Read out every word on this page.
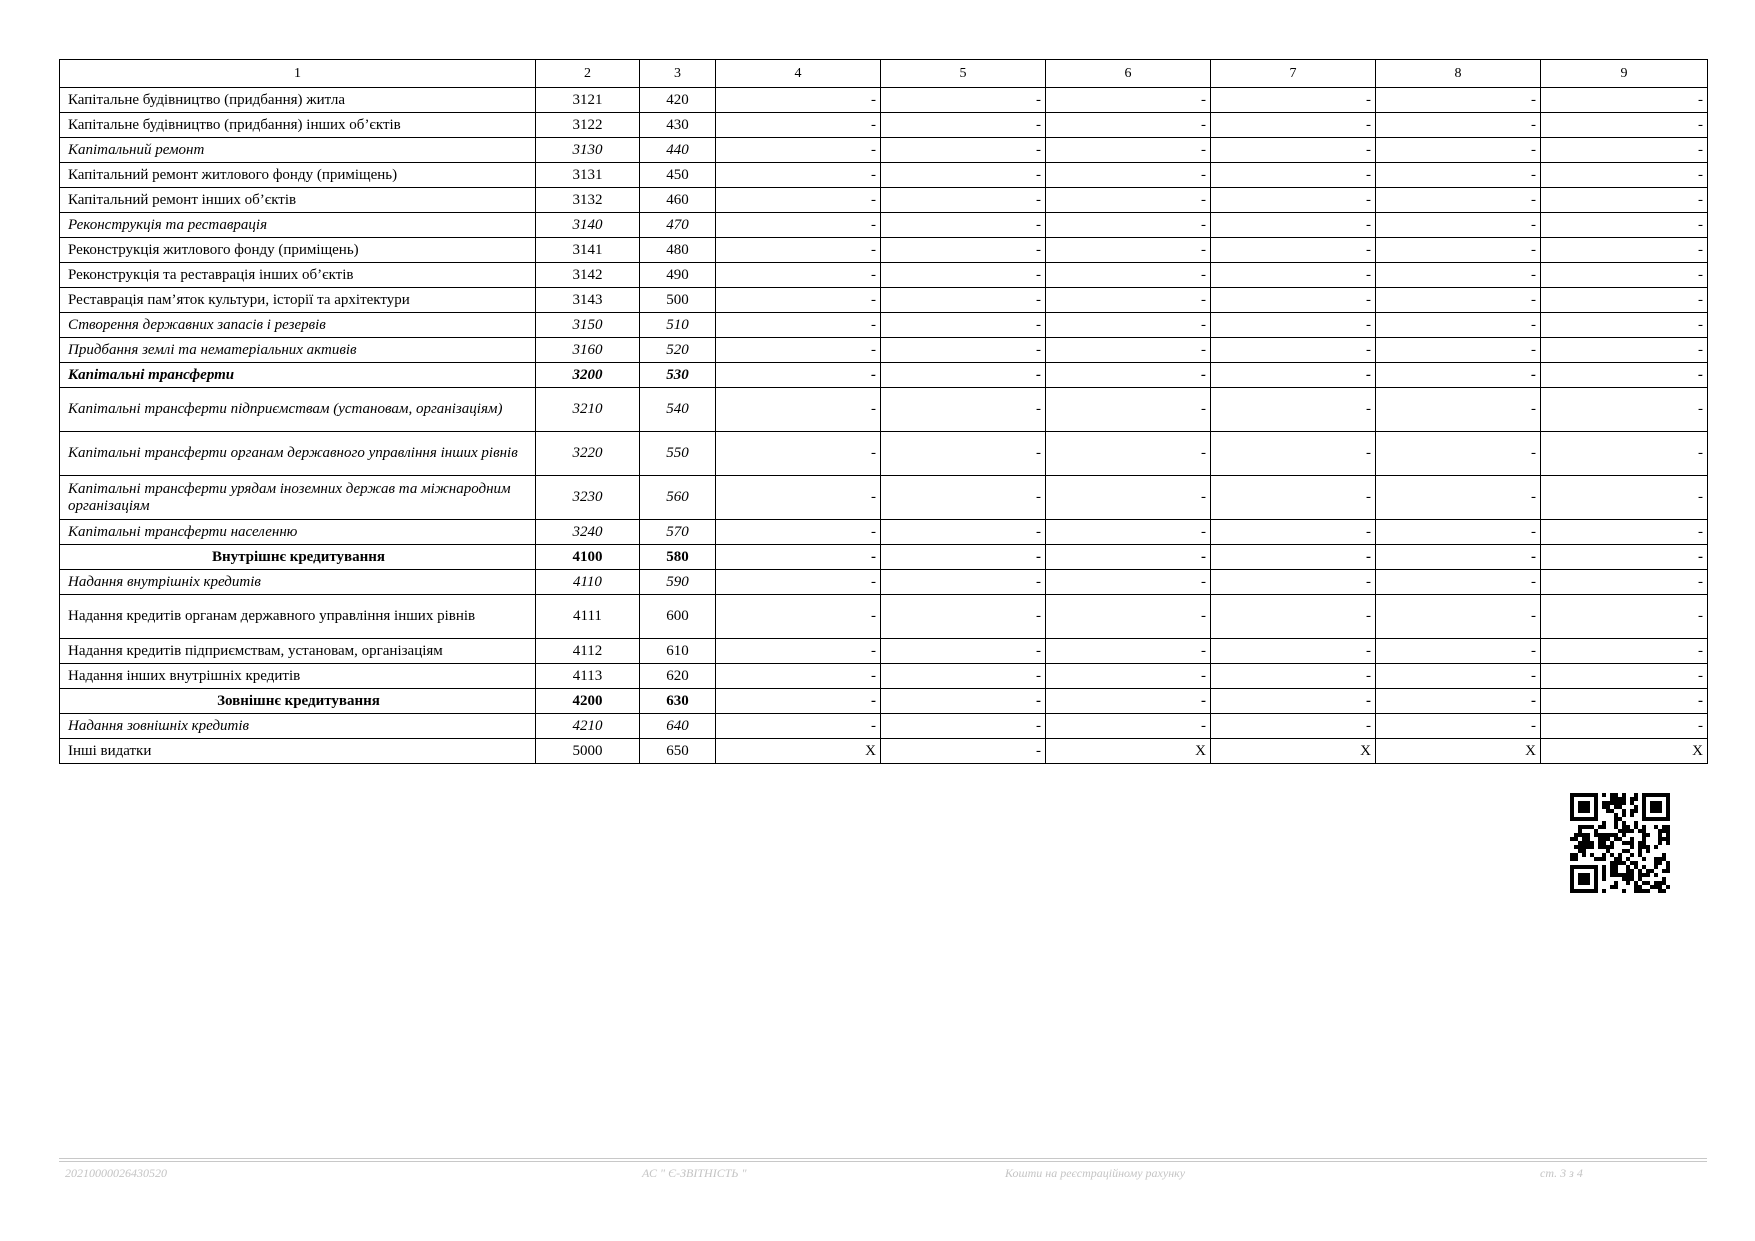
1	2	3	4	5	6	7	8	9
Капітальне будівництво (придбання) житла	3121	420	-	-	-	-	-	-
Капітальне будівництво (придбання) інших об’єктів	3122	430	-	-	-	-	-	-
Капітальний ремонт	3130	440	-	-	-	-	-	-
Капітальний ремонт житлового фонду (приміщень)	3131	450	-	-	-	-	-	-
Капітальний ремонт інших об’єктів	3132	460	-	-	-	-	-	-
Реконструкція та реставрація	3140	470	-	-	-	-	-	-
Реконструкція житлового фонду (приміщень)	3141	480	-	-	-	-	-	-
Реконструкція та реставрація інших об’єктів	3142	490	-	-	-	-	-	-
Реставрація пам’яток культури, історії та архітектури	3143	500	-	-	-	-	-	-
Створення державних запасів і резервів	3150	510	-	-	-	-	-	-
Придбання землі та нематеріальних активів	3160	520	-	-	-	-	-	-
Капітальні трансферти	3200	530	-	-	-	-	-	-
Капітальні трансферти підприємствам (установам, організаціям)	3210	540	-	-	-	-	-	-
Капітальні трансферти органам державного управління інших рівнів	3220	550	-	-	-	-	-	-
Капітальні трансферти урядам іноземних держав та міжнародним організаціям	3230	560	-	-	-	-	-	-
Капітальні трансферти населенню	3240	570	-	-	-	-	-	-
Внутрішнє кредитування	4100	580	-	-	-	-	-	-
Надання внутрішніх кредитів	4110	590	-	-	-	-	-	-
Надання кредитів органам державного управління інших рівнів	4111	600	-	-	-	-	-	-
Надання кредитів підприємствам, установам, організаціям	4112	610	-	-	-	-	-	-
Надання інших внутрішніх кредитів	4113	620	-	-	-	-	-	-
Зовнішнє кредитування	4200	630	-	-	-	-	-	-
Надання зовнішніх кредитів	4210	640	-	-	-	-	-	-
Інші видатки	5000	650	Х	-	Х	Х	Х	Х
20210000026430520	АС " Є-ЗВІТНІСТЬ "	Кошти на реєстраційному рахунку	ст. 3 з 4
